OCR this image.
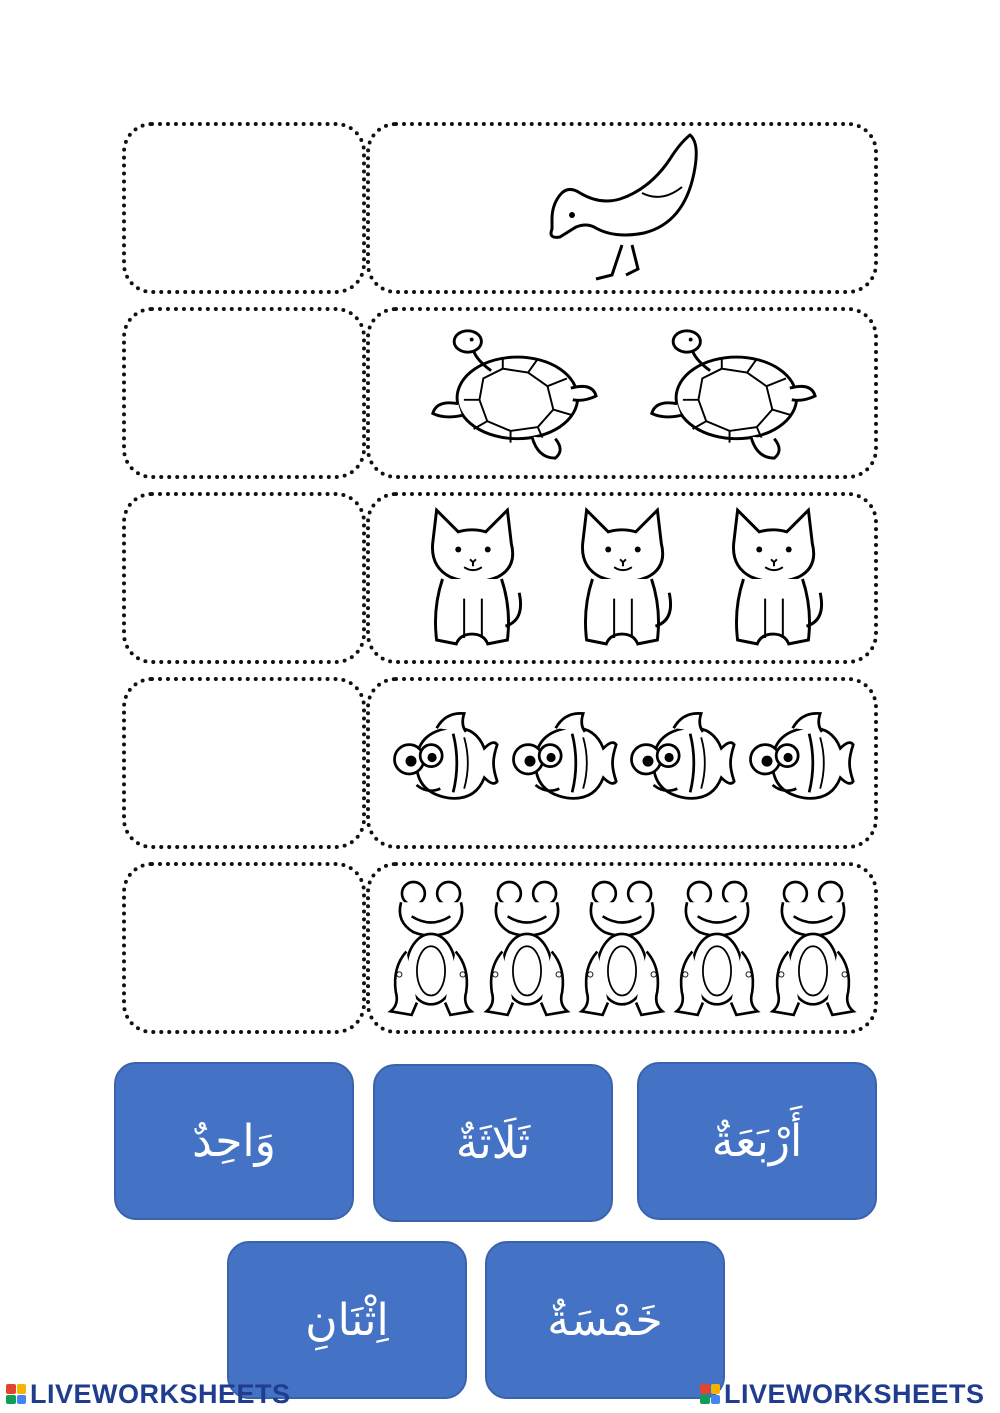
وَاحِدٌ	ثَلَاثَةٌ	أَرْبَعَةٌ
اِثْنَانِ	خَمْسَةٌ
LIVEWORKSHEETS	LIVEWORKSHEETS
